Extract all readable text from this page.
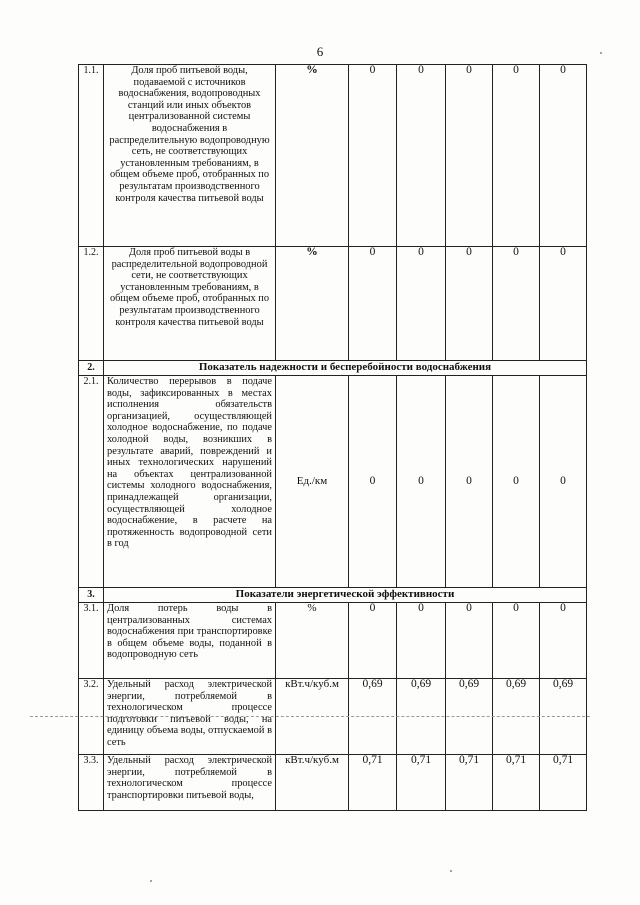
6
1.1.	Доля проб питьевой воды, подаваемой с источников водоснабжения, водопроводных станций или иных объектов централизованной системы водоснабжения в распределительную водопроводную сеть, не соответствующих установленным требованиям, в общем объеме проб, отобранных по результатам производственного контроля качества питьевой воды	%	0	0	0	0	0
1.2.	Доля проб питьевой воды в распределительной водопроводной сети, не соответствующих установленным требованиям, в общем объеме проб, отобранных по результатам производственного контроля качества питьевой воды	%	0	0	0	0	0
2.	Показатель надежности и бесперебойности водоснабжения						
2.1.	Количество перерывов в подаче воды, зафиксированных в местах исполнения обязательств организацией, осуществляющей холодное водоснабжение, по подаче холодной воды, возникших в результате аварий, повреждений и иных технологических нарушений на объектах централизованной системы холодного водоснабжения, принадлежащей организации, осуществляющей холодное водоснабжение, в расчете на протяженность водопроводной сети в год	Ед./км	0	0	0	0	0
3.	Показатели энергетической эффективности						
3.1.	Доля потерь воды в централизованных системах водоснабжения при транспортировке в общем объеме воды, поданной в водопроводную сеть	%	0	0	0	0	0
3.2.	Удельный расход электрической энергии, потребляемой в технологическом процессе подготовки питьевой воды, на единицу объема воды, отпускаемой в сеть	кВт.ч/куб.м	0,69	0,69	0,69	0,69	0,69
3.3.	Удельный расход электрической энергии, потребляемой в технологическом процессе транспортировки питьевой воды,	кВт.ч/куб.м	0,71	0,71	0,71	0,71	0,71
